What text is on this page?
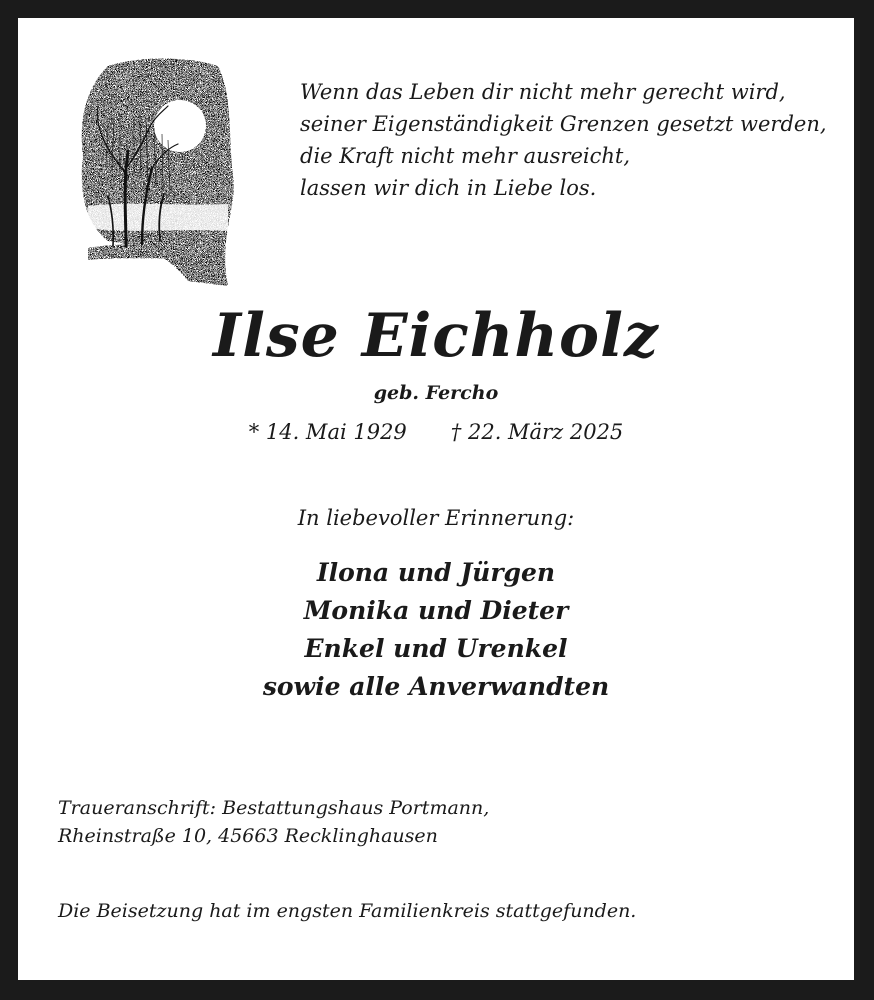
Wenn das Leben dir nicht mehr gerecht wird,
seiner Eigenständigkeit Grenzen gesetzt werden,
die Kraft nicht mehr ausreicht,
lassen wir dich in Liebe los.
Ilse Eichholz
geb. Fercho
* 14. Mai 1929 † 22. März 2025
In liebevoller Erinnerung:
Ilona und Jürgen
Monika und Dieter
Enkel und Urenkel
sowie alle Anverwandten
Traueranschrift: Bestattungshaus Portmann,
Rheinstraße 10, 45663 Recklinghausen
Die Beisetzung hat im engsten Familienkreis stattgefunden.
